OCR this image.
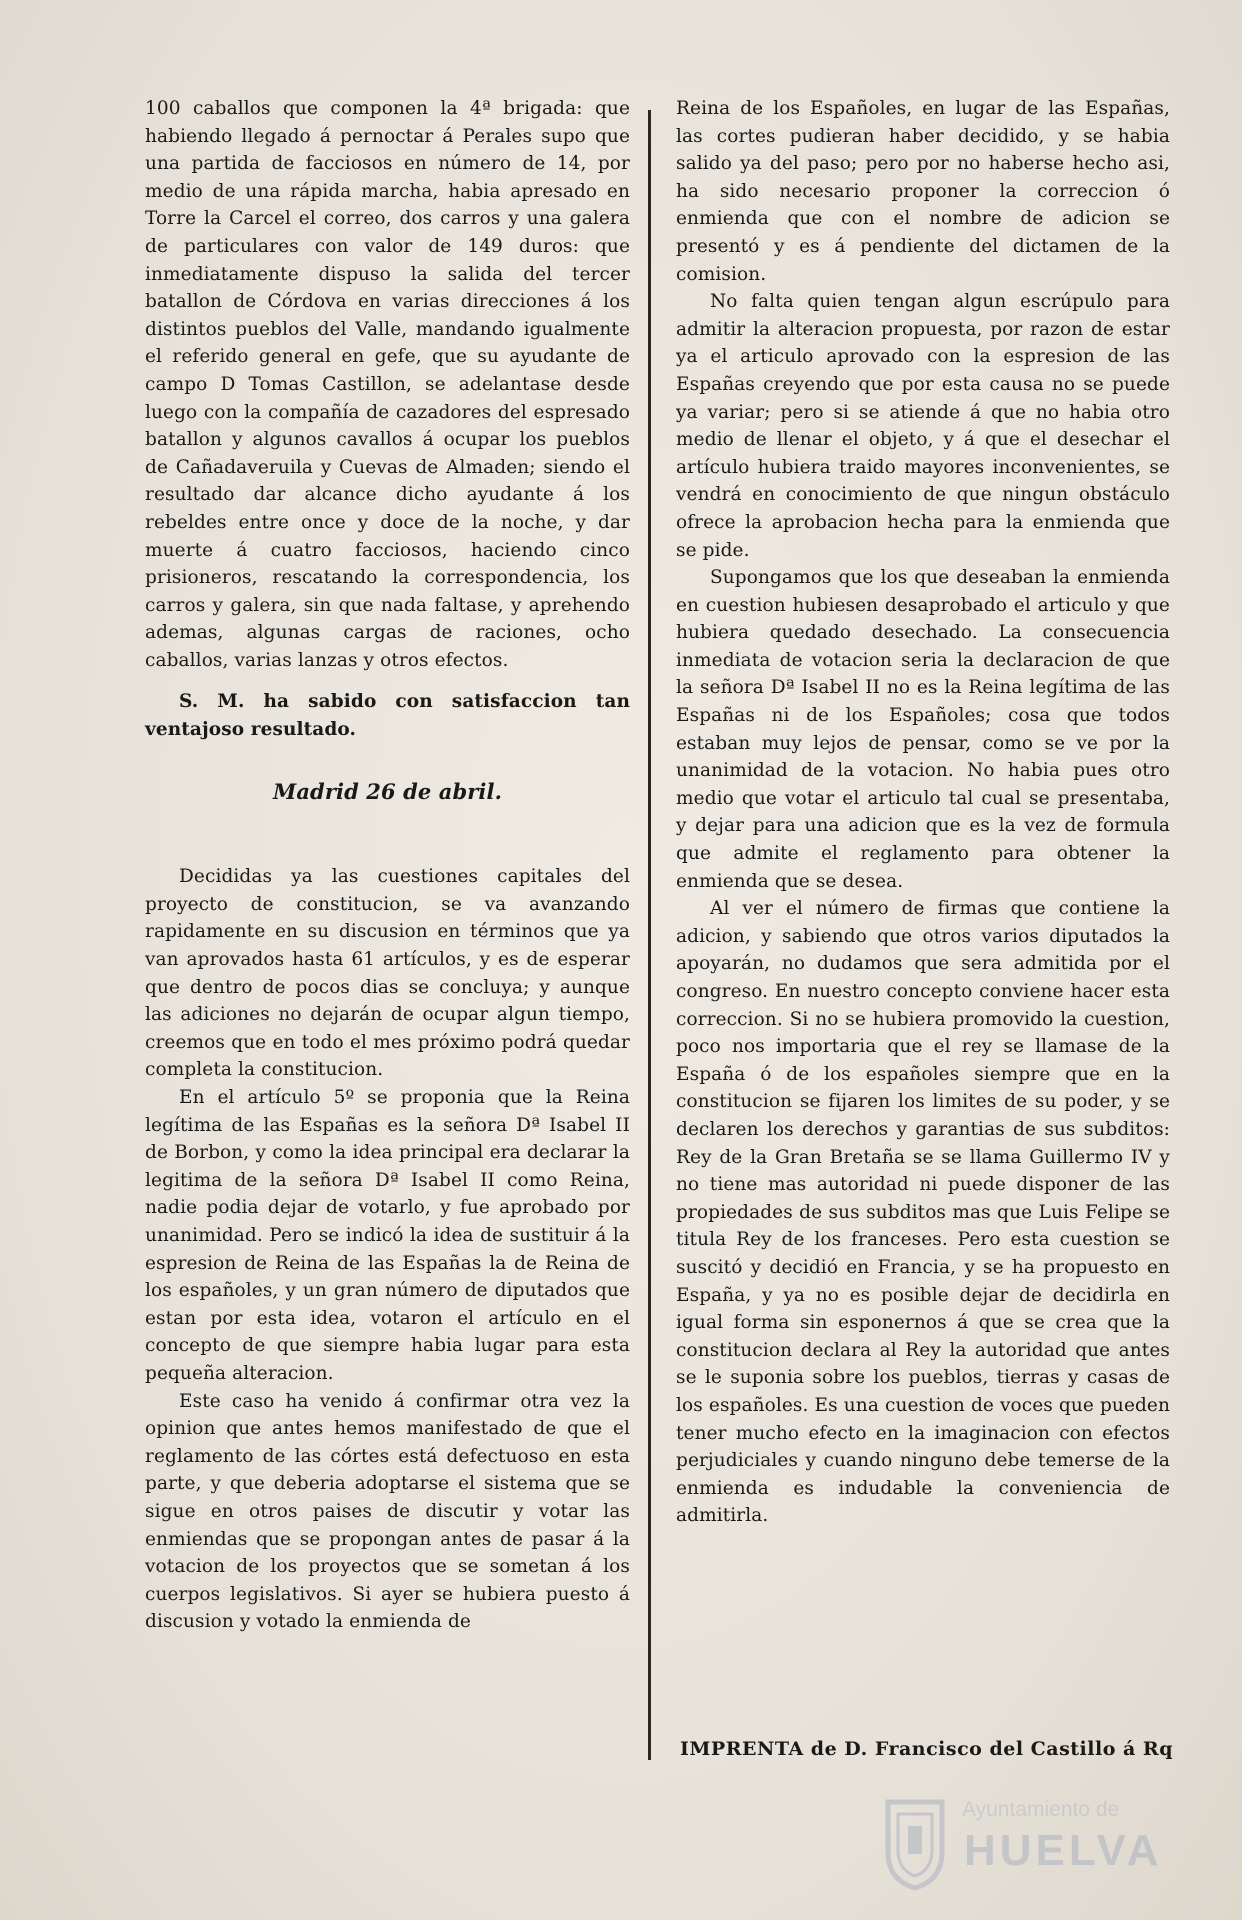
100 caballos que componen la 4ª brigada: que habiendo llegado á pernoctar á Perales supo que una partida de facciosos en número de 14, por medio de una rápida marcha, habia apresado en Torre la Carcel el correo, dos carros y una galera de particulares con valor de 149 duros: que inmediatamente dispuso la salida del tercer batallon de Córdova en varias direcciones á los distintos pueblos del Valle, mandando igualmente el referido general en gefe, que su ayudante de campo D Tomas Castillon, se adelantase desde luego con la compañía de cazadores del espresado batallon y algunos cavallos á ocupar los pueblos de Cañadaveruila y Cuevas de Almaden; siendo el resultado dar alcance dicho ayudante á los rebeldes entre once y doce de la noche, y dar muerte á cuatro facciosos, haciendo cinco prisioneros, rescatando la correspondencia, los carros y galera, sin que nada faltase, y aprehendo ademas, algunas cargas de raciones, ocho caballos, varias lanzas y otros efectos.

S. M. ha sabido con satisfaccion tan ventajoso resultado.

Madrid 26 de abril.

Decididas ya las cuestiones capitales del proyecto de constitucion, se va avanzando rapidamente en su discusion en términos que ya van aprovados hasta 61 artículos, y es de esperar que dentro de pocos dias se concluya; y aunque las adiciones no dejarán de ocupar algun tiempo, creemos que en todo el mes próximo podrá quedar completa la constitucion.

En el artículo 5º se proponia que la Reina legítima de las Españas es la señora Dª Isabel II de Borbon, y como la idea principal era declarar la legitima de la señora Dª Isabel II como Reina, nadie podia dejar de votarlo, y fue aprobado por unanimidad. Pero se indicó la idea de sustituir á la espresion de Reina de las Españas la de Reina de los españoles, y un gran número de diputados que estan por esta idea, votaron el artículo en el concepto de que siempre habia lugar para esta pequeña alteracion.

Este caso ha venido á confirmar otra vez la opinion que antes hemos manifestado de que el reglamento de las córtes está defectuoso en esta parte, y que deberia adoptarse el sistema que se sigue en otros paises de discutir y votar las enmiendas que se propongan antes de pasar á la votacion de los proyectos que se sometan á los cuerpos legislativos. Si ayer se hubiera puesto á discusion y votado la enmienda de

Reina de los Españoles, en lugar de las Españas, las cortes pudieran haber decidido, y se habia salido ya del paso; pero por no haberse hecho asi, ha sido necesario proponer la correccion ó enmienda que con el nombre de adicion se presentó y es á pendiente del dictamen de la comision.

No falta quien tengan algun escrúpulo para admitir la alteracion propuesta, por razon de estar ya el articulo aprovado con la espresion de las Españas creyendo que por esta causa no se puede ya variar; pero si se atiende á que no habia otro medio de llenar el objeto, y á que el desechar el artículo hubiera traido mayores inconvenientes, se vendrá en conocimiento de que ningun obstáculo ofrece la aprobacion hecha para la enmienda que se pide.

Supongamos que los que deseaban la enmienda en cuestion hubiesen desaprobado el articulo y que hubiera quedado desechado. La consecuencia inmediata de votacion seria la declaracion de que la señora Dª Isabel II no es la Reina legítima de las Españas ni de los Españoles; cosa que todos estaban muy lejos de pensar, como se ve por la unanimidad de la votacion. No habia pues otro medio que votar el articulo tal cual se presentaba, y dejar para una adicion que es la vez de formula que admite el reglamento para obtener la enmienda que se desea.

Al ver el número de firmas que contiene la adicion, y sabiendo que otros varios diputados la apoyarán, no dudamos que sera admitida por el congreso. En nuestro concepto conviene hacer esta correccion. Si no se hubiera promovido la cuestion, poco nos importaria que el rey se llamase de la España ó de los españoles siempre que en la constitucion se fijaren los limites de su poder, y se declaren los derechos y garantias de sus subditos: Rey de la Gran Bretaña se se llama Guillermo IV y no tiene mas autoridad ni puede disponer de las propiedades de sus subditos mas que Luis Felipe se titula Rey de los franceses. Pero esta cuestion se suscitó y decidió en Francia, y se ha propuesto en España, y ya no es posible dejar de decidirla en igual forma sin esponernos á que se crea que la constitucion declara al Rey la autoridad que antes se le suponia sobre los pueblos, tierras y casas de los españoles. Es una cuestion de voces que pueden tener mucho efecto en la imaginacion con efectos perjudiciales y cuando ninguno debe temerse de la enmienda es indudable la conveniencia de admitirla.

IMPRENTA de D. Francisco del Castillo á Rq
Ayuntamiento de
HUELVA
